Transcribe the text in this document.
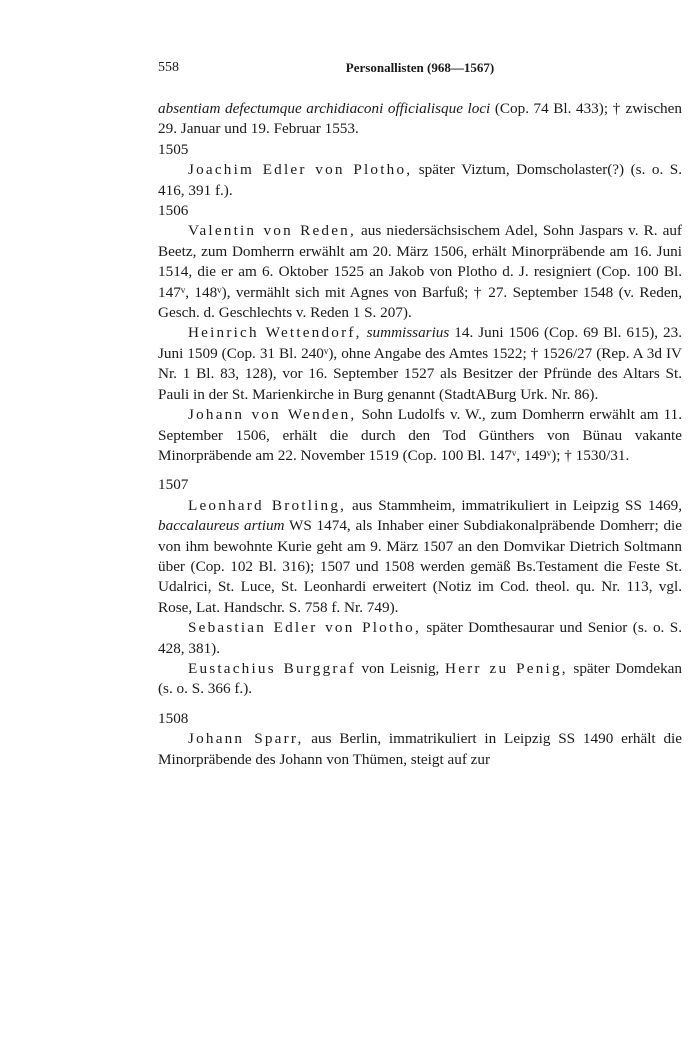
558	Personallisten (968—1567)

absentiam defectumque archidiaconi officialisque loci (Cop. 74 Bl. 433); † zwischen 29. Januar und 19. Februar 1553.

1505

Joachim Edler von Plotho, später Viztum, Domscholaster(?) (s. o. S. 416, 391 f.).

1506

Valentin von Reden, aus niedersächsischem Adel, Sohn Jaspars v. R. auf Beetz, zum Domherrn erwählt am 20. März 1506, erhält Minorpräbende am 16. Juni 1514, die er am 6. Oktober 1525 an Jakob von Plotho d. J. resigniert (Cop. 100 Bl. 147ᵛ, 148ᵛ), vermählt sich mit Agnes von Barfuß; † 27. September 1548 (v. Reden, Gesch. d. Geschlechts v. Reden 1 S. 207).

Heinrich Wettendorf, summissarius 14. Juni 1506 (Cop. 69 Bl. 615), 23. Juni 1509 (Cop. 31 Bl. 240ᵛ), ohne Angabe des Amtes 1522; † 1526/27 (Rep. A 3d IV Nr. 1 Bl. 83, 128), vor 16. September 1527 als Besitzer der Pfründe des Altars St. Pauli in der St. Marienkirche in Burg genannt (StadtABurg Urk. Nr. 86).

Johann von Wenden, Sohn Ludolfs v. W., zum Domherrn erwählt am 11. September 1506, erhält die durch den Tod Günthers von Bünau vakante Minorpräbende am 22. November 1519 (Cop. 100 Bl. 147ᵛ, 149ᵛ); † 1530/31.

1507

Leonhard Brotling, aus Stammheim, immatrikuliert in Leipzig SS 1469, baccalaureus artium WS 1474, als Inhaber einer Subdiakonalpräbende Domherr; die von ihm bewohnte Kurie geht am 9. März 1507 an den Domvikar Dietrich Soltmann über (Cop. 102 Bl. 316); 1507 und 1508 werden gemäß Bs.Testament die Feste St. Udalrici, St. Luce, St. Leonhardi erweitert (Notiz im Cod. theol. qu. Nr. 113, vgl. Rose, Lat. Handschr. S. 758 f. Nr. 749).

Sebastian Edler von Plotho, später Domthesaurar und Senior (s. o. S. 428, 381).

Eustachius Burggraf von Leisnig, Herr zu Penig, später Domdekan (s. o. S. 366 f.).

1508

Johann Sparr, aus Berlin, immatrikuliert in Leipzig SS 1490 erhält die Minorpräbende des Johann von Thümen, steigt auf zur
